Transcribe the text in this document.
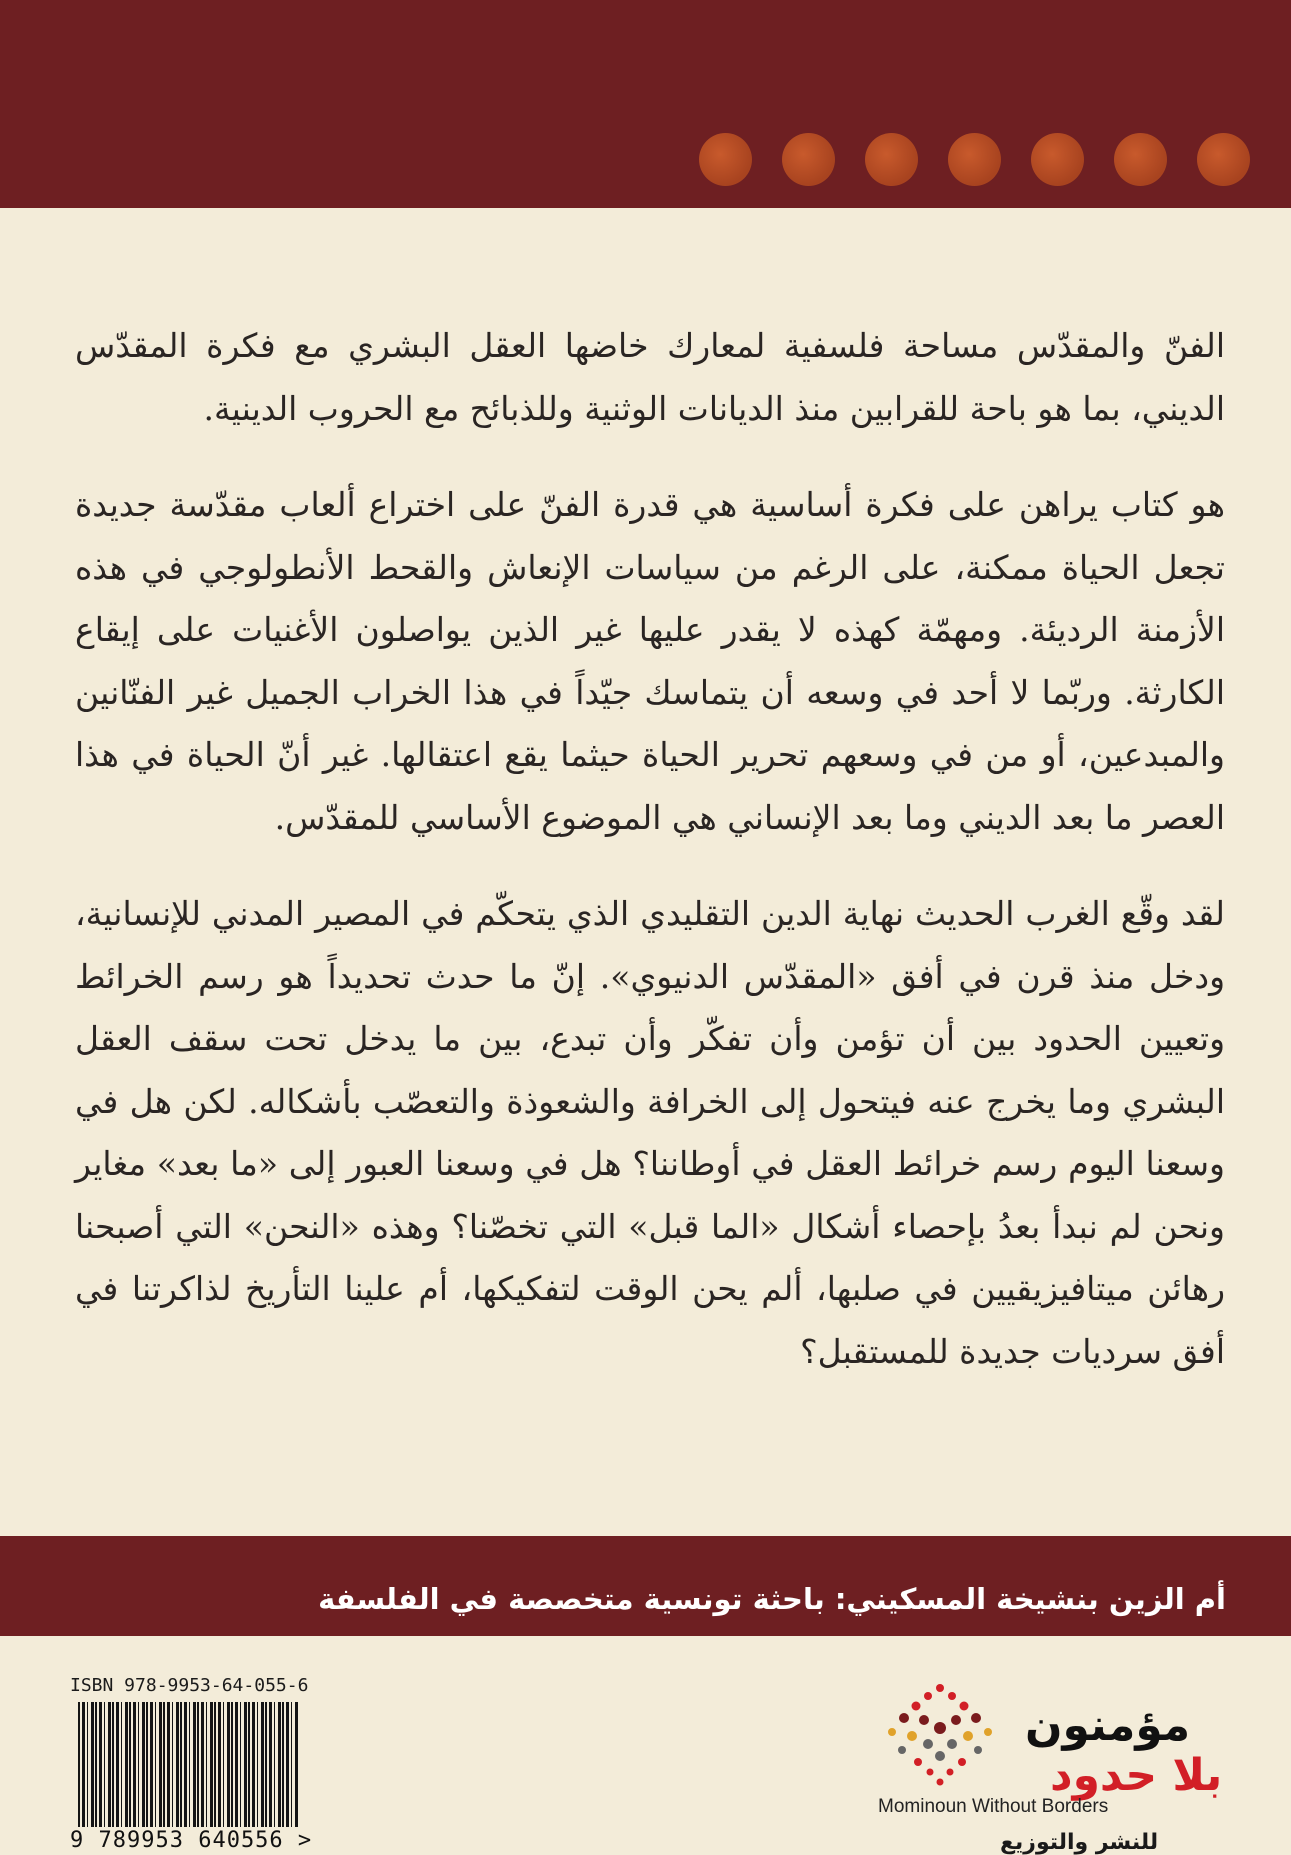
الفنّ والمقدّس مساحة فلسفية لمعارك خاضها العقل البشري مع فكرة المقدّس الديني، بما هو باحة للقرابين منذ الديانات الوثنية وللذبائح مع الحروب الدينية.

هو كتاب يراهن على فكرة أساسية هي قدرة الفنّ على اختراع ألعاب مقدّسة جديدة تجعل الحياة ممكنة، على الرغم من سياسات الإنعاش والقحط الأنطولوجي في هذه الأزمنة الرديئة. ومهمّة كهذه لا يقدر عليها غير الذين يواصلون الأغنيات على إيقاع الكارثة. وربّما لا أحد في وسعه أن يتماسك جيّداً في هذا الخراب الجميل غير الفنّانين والمبدعين، أو من في وسعهم تحرير الحياة حيثما يقع اعتقالها. غير أنّ الحياة في هذا العصر ما بعد الديني وما بعد الإنساني هي الموضوع الأساسي للمقدّس.

لقد وقّع الغرب الحديث نهاية الدين التقليدي الذي يتحكّم في المصير المدني للإنسانية، ودخل منذ قرن في أفق «المقدّس الدنيوي». إنّ ما حدث تحديداً هو رسم الخرائط وتعيين الحدود بين أن تؤمن وأن تفكّر وأن تبدع، بين ما يدخل تحت سقف العقل البشري وما يخرج عنه فيتحول إلى الخرافة والشعوذة والتعصّب بأشكاله. لكن هل في وسعنا اليوم رسم خرائط العقل في أوطاننا؟ هل في وسعنا العبور إلى «ما بعد» مغاير ونحن لم نبدأ بعدُ بإحصاء أشكال «الما قبل» التي تخصّنا؟ وهذه «النحن» التي أصبحنا رهائن ميتافيزيقيين في صلبها، ألم يحن الوقت لتفكيكها، أم علينا التأريخ لذاكرتنا في أفق سرديات جديدة للمستقبل؟

أم الزين بنشيخة المسكيني: باحثة تونسية متخصصة في الفلسفة
ISBN 978-9953-64-055-6
9 789953 640556 >
مؤمنون
بلا حدود
Mominoun Without Borders
للنشر والتوزيع
